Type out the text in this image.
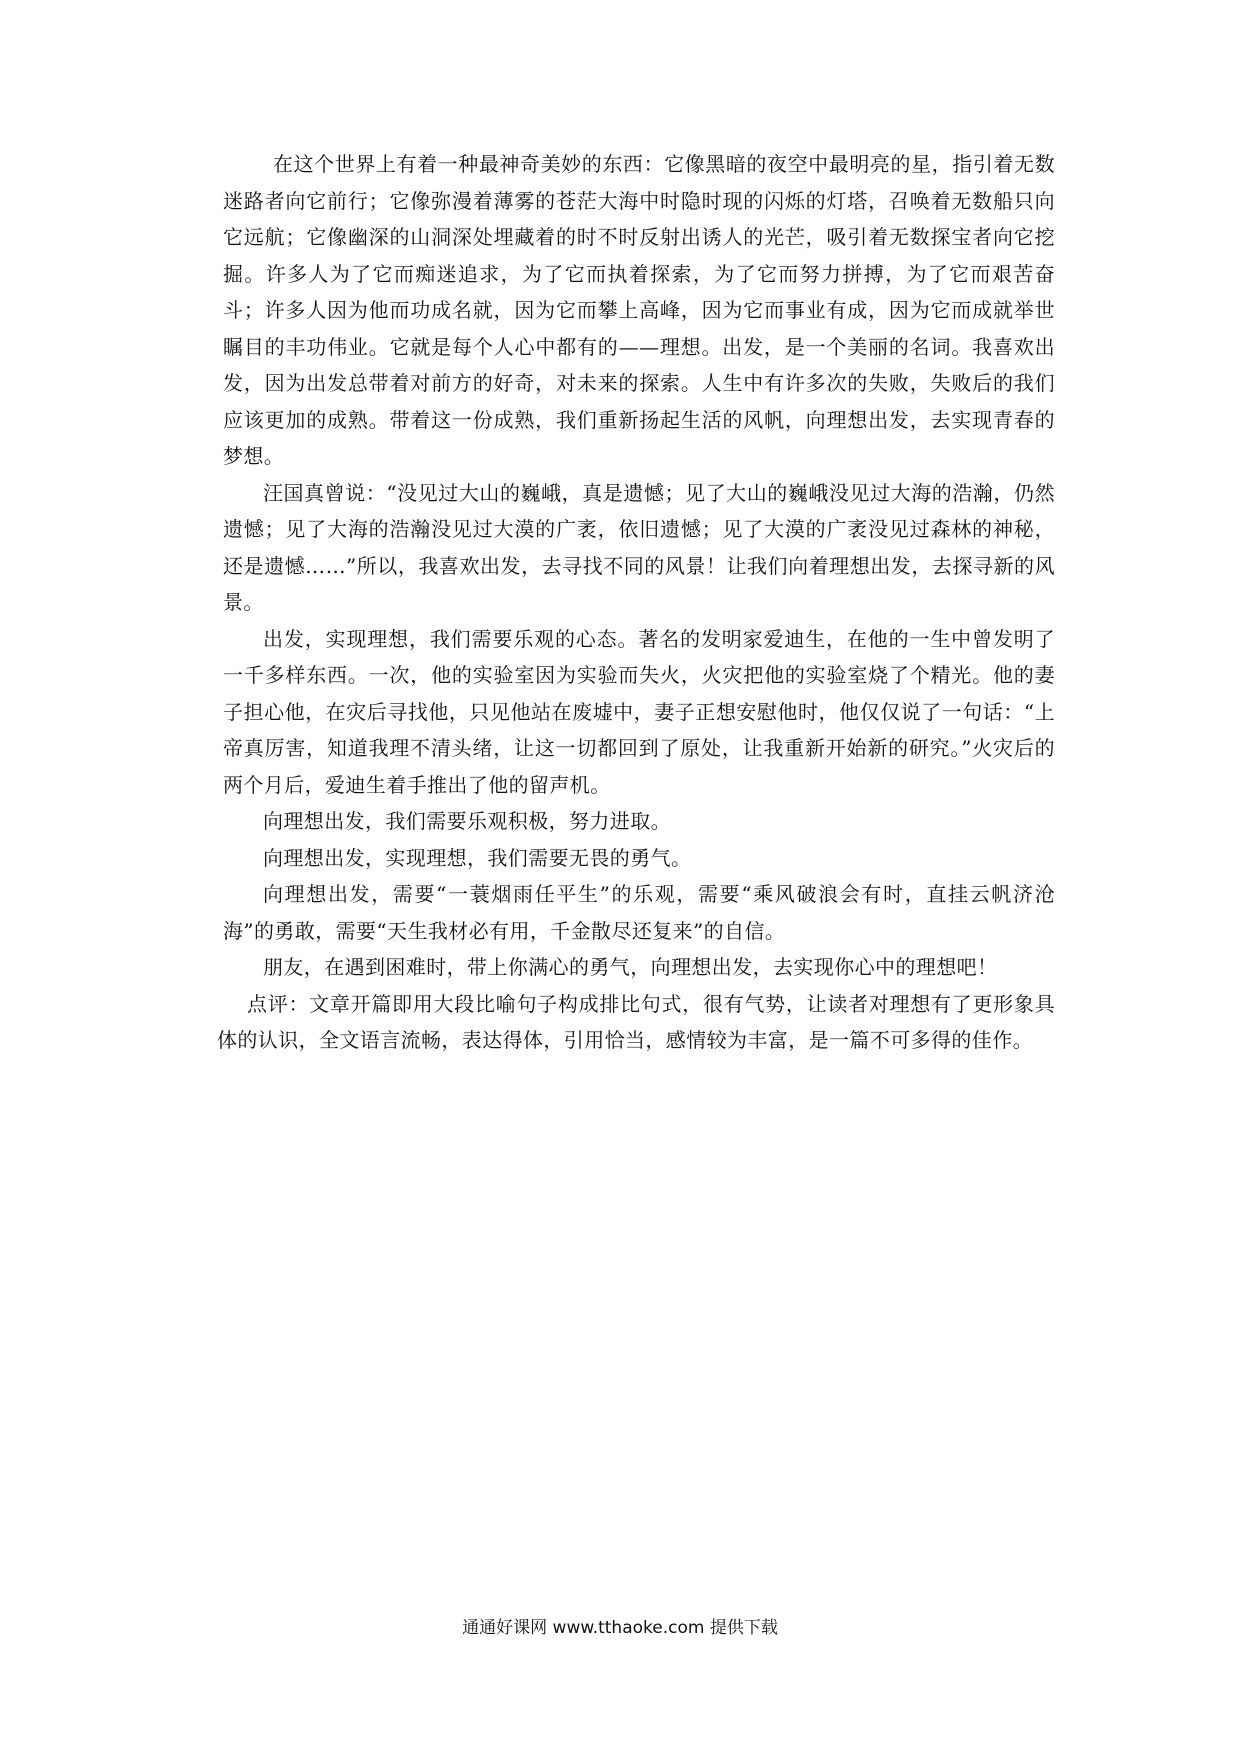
在这个世界上有着一种最神奇美妙的东西：它像黑暗的夜空中最明亮的星，指引着无数迷路者向它前行；它像弥漫着薄雾的苍茫大海中时隐时现的闪烁的灯塔，召唤着无数船只向它远航；它像幽深的山洞深处埋藏着的时不时反射出诱人的光芒，吸引着无数探宝者向它挖掘。许多人为了它而痴迷追求，为了它而执着探索，为了它而努力拼搏，为了它而艰苦奋斗；许多人因为他而功成名就，因为它而攀上高峰，因为它而事业有成，因为它而成就举世瞩目的丰功伟业。它就是每个人心中都有的——理想。出发，是一个美丽的名词。我喜欢出发，因为出发总带着对前方的好奇，对未来的探索。人生中有许多次的失败，失败后的我们应该更加的成熟。带着这一份成熟，我们重新扬起生活的风帆，向理想出发，去实现青春的梦想。

汪国真曾说：“没见过大山的巍峨，真是遗憾；见了大山的巍峨没见过大海的浩瀚，仍然遗憾；见了大海的浩瀚没见过大漠的广袤，依旧遗憾；见了大漠的广袤没见过森林的神秘，还是遗憾……”所以，我喜欢出发，去寻找不同的风景！让我们向着理想出发，去探寻新的风景。

出发，实现理想，我们需要乐观的心态。著名的发明家爱迪生，在他的一生中曾发明了一千多样东西。一次，他的实验室因为实验而失火，火灾把他的实验室烧了个精光。他的妻子担心他，在灾后寻找他，只见他站在废墟中，妻子正想安慰他时，他仅仅说了一句话：“上帝真厉害，知道我理不清头绪，让这一切都回到了原处，让我重新开始新的研究。”火灾后的两个月后，爱迪生着手推出了他的留声机。

向理想出发，我们需要乐观积极，努力进取。

向理想出发，实现理想，我们需要无畏的勇气。

向理想出发，需要“一蓑烟雨任平生”的乐观，需要“乘风破浪会有时，直挂云帆济沧海”的勇敢，需要“天生我材必有用，千金散尽还复来”的自信。

朋友，在遇到困难时，带上你满心的勇气，向理想出发，去实现你心中的理想吧！

点评：文章开篇即用大段比喻句子构成排比句式，很有气势，让读者对理想有了更形象具体的认识，全文语言流畅，表达得体，引用恰当，感情较为丰富，是一篇不可多得的佳作。

通通好课网 www.tthaoke.com 提供下载
